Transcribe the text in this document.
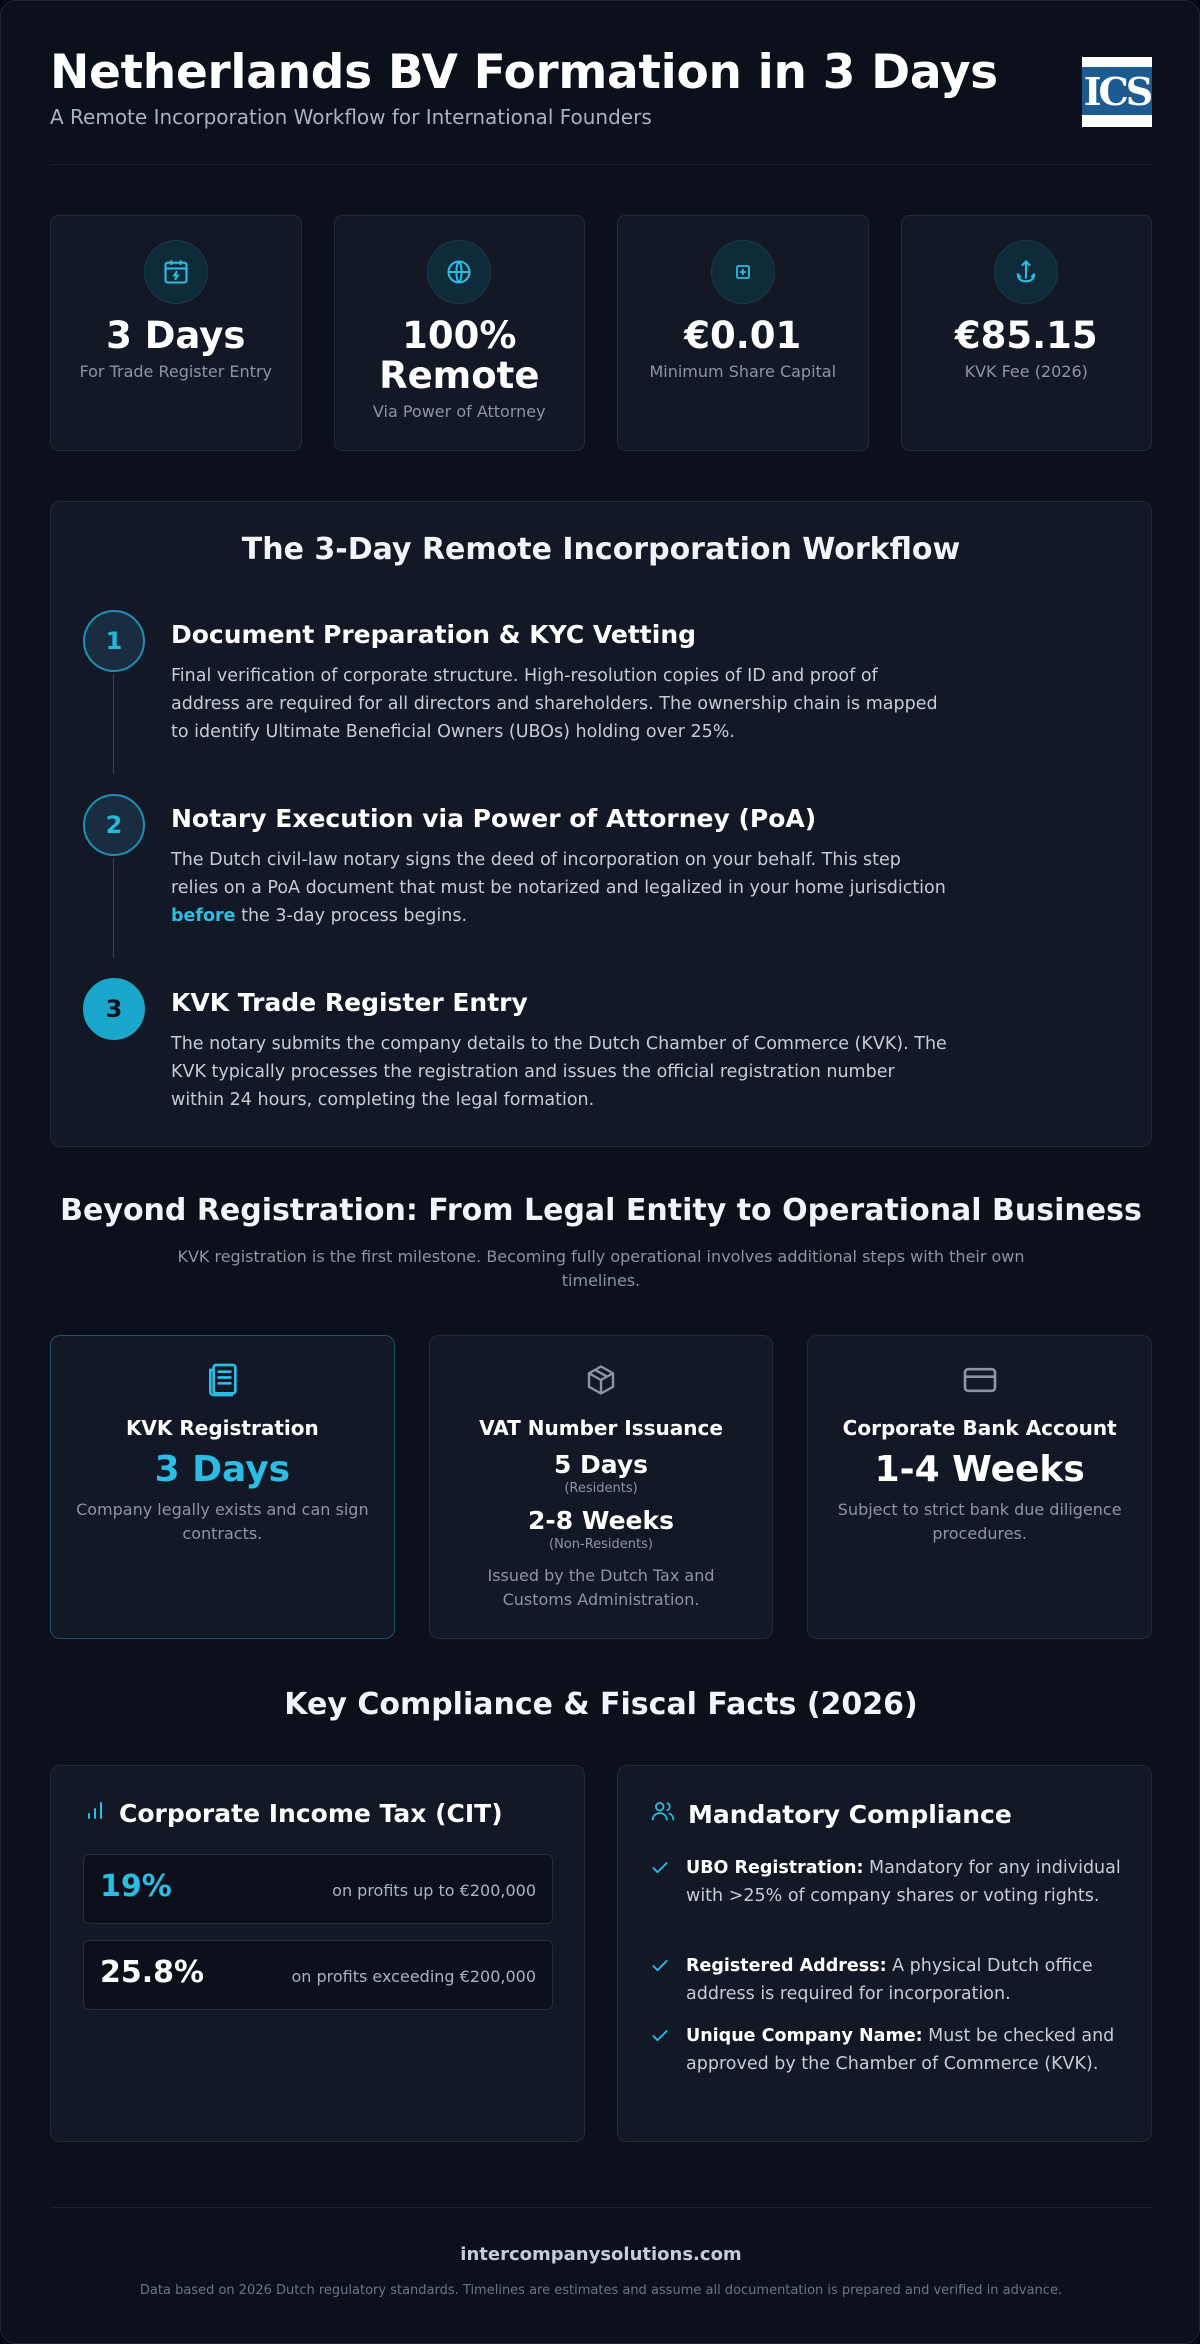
Netherlands BV Formation in 3 Days
A Remote Incorporation Workflow for International Founders
ICS
3 Days
For Trade Register Entry
100% Remote
Via Power of Attorney
€0.01
Minimum Share Capital
€85.15
KVK Fee (2026)
The 3-Day Remote Incorporation Workflow
1	Document Preparation & KYC Vetting
Final verification of corporate structure. High-resolution copies of ID and proof of address are required for all directors and shareholders. The ownership chain is mapped to identify Ultimate Beneficial Owners (UBOs) holding over 25%.
2	Notary Execution via Power of Attorney (PoA)
The Dutch civil-law notary signs the deed of incorporation on your behalf. This step relies on a PoA document that must be notarized and legalized in your home jurisdiction before the 3-day process begins.
3	KVK Trade Register Entry
The notary submits the company details to the Dutch Chamber of Commerce (KVK). The KVK typically processes the registration and issues the official registration number within 24 hours, completing the legal formation.
Beyond Registration: From Legal Entity to Operational Business
KVK registration is the first milestone. Becoming fully operational involves additional steps with their own timelines.
KVK Registration
3 Days
Company legally exists and can sign contracts.
VAT Number Issuance
5 Days
(Residents)
2-8 Weeks
(Non-Residents)
Issued by the Dutch Tax and Customs Administration.
Corporate Bank Account
1-4 Weeks
Subject to strict bank due diligence procedures.
Key Compliance & Fiscal Facts (2026)
Corporate Income Tax (CIT)
19%	on profits up to €200,000
25.8%	on profits exceeding €200,000
Mandatory Compliance
UBO Registration: Mandatory for any individual with >25% of company shares or voting rights.
Registered Address: A physical Dutch office address is required for incorporation.
Unique Company Name: Must be checked and approved by the Chamber of Commerce (KVK).
intercompanysolutions.com
Data based on 2026 Dutch regulatory standards. Timelines are estimates and assume all documentation is prepared and verified in advance.
